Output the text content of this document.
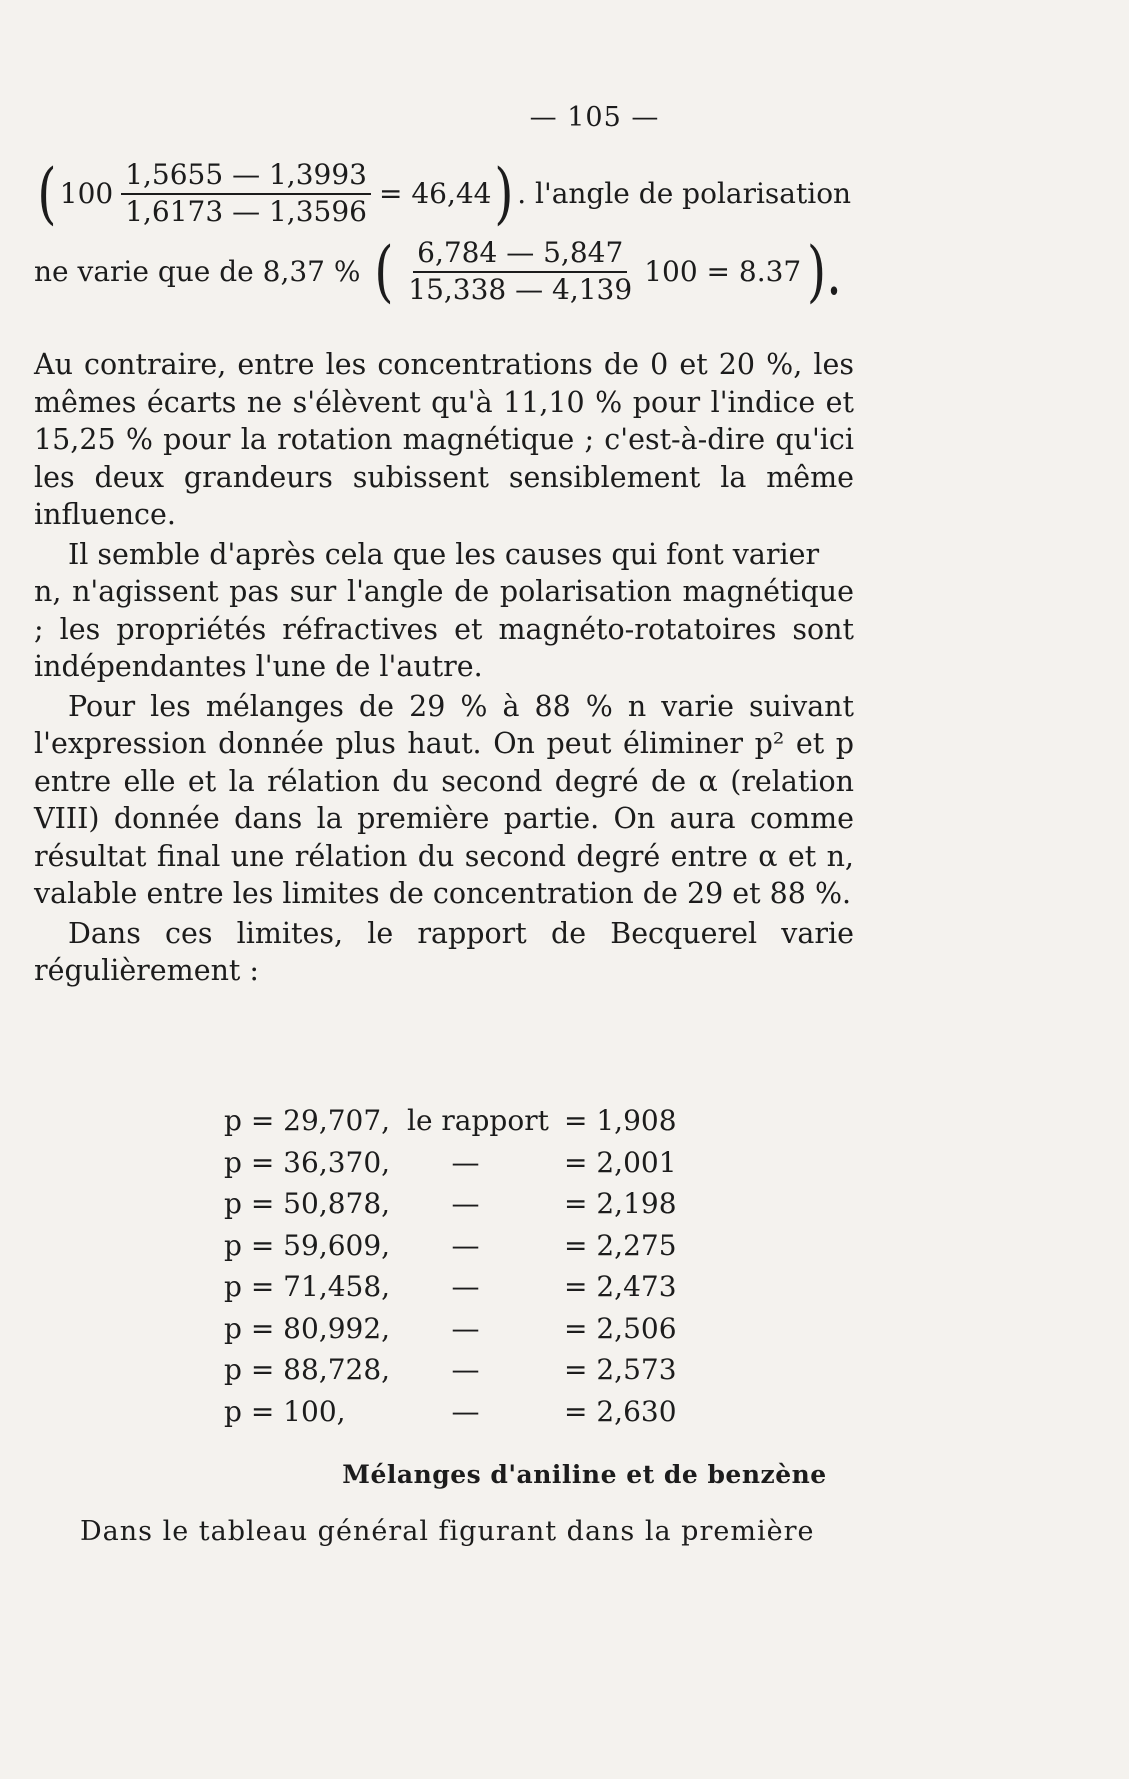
— 105 —
( $100 \frac{1,5655 — 1,3993}{1,6173 — 1,3596} = 46,44$ ) . l'angle de polarisation
ne varie que de 8,37 % ( $\frac{6,784 — 5,847}{15,338 — 4,139} 100 = 8.37$ ).

Au contraire, entre les concentrations de 0 et 20 %, les mêmes écarts ne s'élèvent qu'à 11,10 % pour l'indice et 15,25 % pour la rotation magnétique ; c'est-à-dire qu'ici les deux grandeurs subissent sensiblement la même influence.

Il semble d'après cela que les causes qui font varier

n, n'agissent pas sur l'angle de polarisation magnétique ; les propriétés réfractives et magnéto-rotatoires sont indépendantes l'une de l'autre.

Pour les mélanges de 29 % à 88 % n varie suivant l'expression donnée plus haut. On peut éliminer p² et p entre elle et la rélation du second degré de α (relation VIII) donnée dans la première partie. On aura comme résultat final une rélation du second degré entre α et n, valable entre les limites de concentration de 29 et 88 %.

Dans ces limites, le rapport de Becquerel varie régulièrement :

p = 29,707, le rapport = 1,908
p = 36,370,	—	= 2,001
p = 50,878,	—	= 2,198
p = 59,609,	—	= 2,275
p = 71,458,	—	= 2,473
p = 80,992,	—	= 2,506
p = 88,728,	—	= 2,573
p = 100,	—	= 2,630
Mélanges d'aniline et de benzène
Dans le tableau général figurant dans la première
